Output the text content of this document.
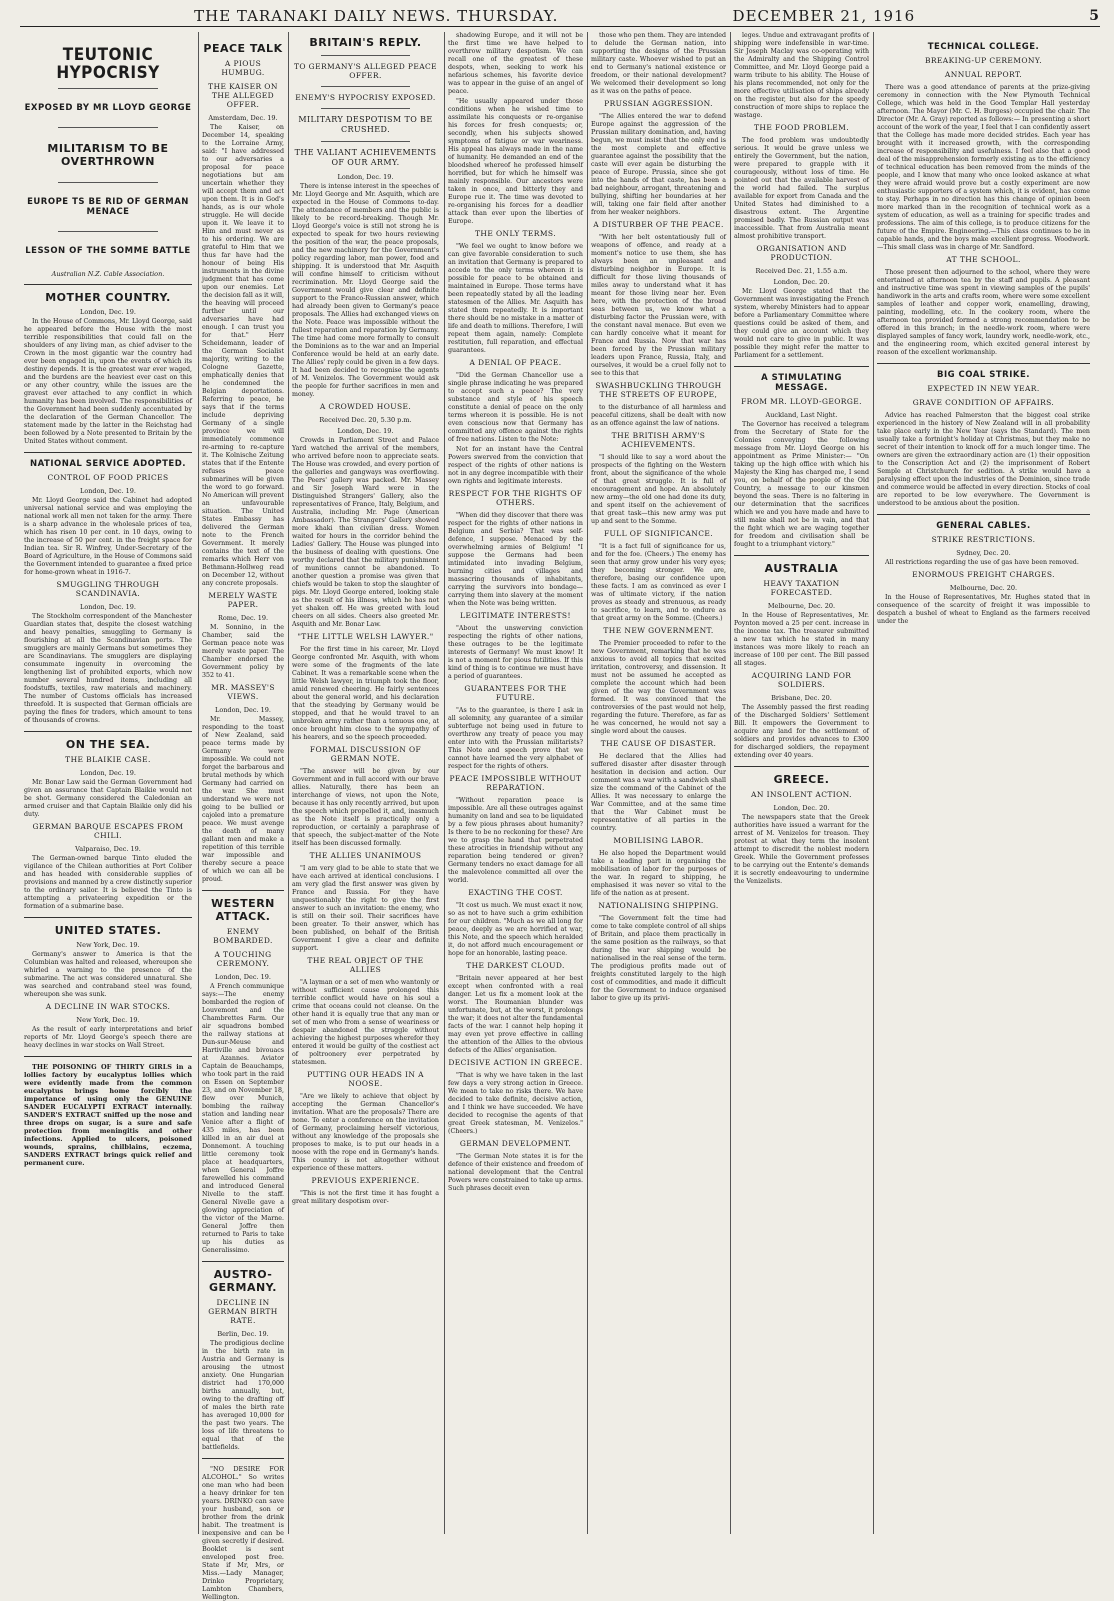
THE TARANAKI DAILY NEWS. THURSDAY.	DECEMBER 21, 1916	5
TEUTONIC HYPOCRISY
EXPOSED BY MR LLOYD GEORGE
MILITARISM TO BE OVERTHROWN
EUROPE TS BE RID OF GERMAN MENACE
LESSON OF THE SOMME BATTLE
Australian N.Z. Cable Association.
MOTHER COUNTRY.
London, Dec. 19.

In the House of Commons, Mr. Lloyd George, said he appeared before the House with the most terrible responsibilities that could fall on the shoulders of any living man, as chief adviser to the Crown in the most gigantic war the country had ever been engaged in, upon the events of which its destiny depends. It is the greatest war ever waged, and the burdens are the heaviest ever cast on this or any other country, while the issues are the gravest ever attached to any conflict in which humanity has been involved. The responsibilities of the Government had been suddenly accentuated by the declaration of the German Chancellor. The statement made by the latter in the Reichstag had been followed by a Note presented to Britain by the United States without comment.

NATIONAL SERVICE ADOPTED.
CONTROL OF FOOD PRICES
London, Dec. 19.

Mr. Lloyd George said the Cabinet had adopted universal national service and was employing the national work all men not taken for the army. There is a sharp advance in the wholesale prices of tea, which has risen 10 per cent. in 10 days, owing to the increase of 50 per cent. in the freight space for Indian tea. Sir R. Winfrey, Under-Secretary of the Board of Agriculture, in the House of Commons said the Government intended to guarantee a fixed price for home-grown wheat in 1916-7.

SMUGGLING THROUGH SCANDINAVIA.
London, Dec. 19.

The Stockholm correspondent of the Manchester Guardian states that, despite the closest watching and heavy penalties, smuggling to Germany is flourishing at all the Scandinavian ports. The smugglers are mainly Germans but sometimes they are Scandinavians. The smugglers are displaying consummate ingenuity in overcoming the lengthening list of prohibited exports, which now number several hundred items, including all foodstuffs, textiles, raw materials and machinery. The number of Customs officials has increased threefold. It is suspected that German officials are paying the fines for traders, which amount to tens of thousands of crowns.

ON THE SEA.
THE BLAIKIE CASE.
London, Dec. 19.

Mr. Bonar Law said the German Government had given an assurance that Captain Blaikie would not be shot. Germany considered the Caledonian an armed cruiser and that Captain Blaikie only did his duty.

GERMAN BARQUE ESCAPES FROM CHILI.
Valparaiso, Dec. 19.

The German-owned barque Tinto eluded the vigilance of the Chilean authorities at Port Coliber and has headed with considerable supplies of provisions and manned by a crew distinctly superior to the ordinary sailor. It is believed the Tinto is attempting a privateering expedition or the formation of a submarine base.

UNITED STATES.
New York, Dec. 19.

Germany's answer to America is that the Columbian was halted and released, whereupon she whirled a warning to the presence of the submarine. The act was considered unnatural. She was searched and contraband steel was found, whereupon she was sunk.

A DECLINE IN WAR STOCKS.
New York, Dec. 19.

As the result of early interpretations and brief reports of Mr. Lloyd George's speech there are heavy declines in war stocks on Wall Street.

THE POISONING OF THIRTY GIRLS in a lollies factory by eucalyptus lollies which were evidently made from the common eucalyptus brings home forcibly the importance of using only the GENUINE SANDER EUCALYPTI EXTRACT internally. SANDER'S EXTRACT sniffed up the nose and three drops on sugar, is a sure and safe protection from meningitis and other infections. Applied to ulcers, poisoned wounds, sprains, chilblains, eczema, SANDERS EXTRACT brings quick relief and permanent cure.

PEACE TALK
A PIOUS HUMBUG.
THE KAISER ON THE ALLEGED OFFER.
Amsterdam, Dec. 19.

The Kaiser, on December 14, speaking to the Lorraine Army, said: "I have addressed to our adversaries a proposal for peace negotiations but am uncertain whether they will accept them and act upon them. It is in God's hands, as is our whole struggle. He will decide upon it. We leave it to Him and must never as to his ordering. We are grateful to Him that we thus far have had the honour of being His instruments in the divine judgment that has come upon our enemies. Let the decision fall as it will, the heaving will proceed further until our adversaries have had enough. I can trust you for that." Herr Scheidemann, leader of the German Socialist majority, writing to the Cologne Gazette, emphatically denies that he condemned the Belgian deportations. Referring to peace, he says that if the terms include depriving Germany of a single province we will immediately commence re-arming to re-capture it. The Kolnische Zeitung states that if the Entente refuses peace submarines will be given the word to go forward. No American will prevent an unfavourable situation. The United States Embassy has delivered the German note to the French Government. It merely contains the text of the remarks which Herr von Bethmann-Hollweg read on December 12, without any concrete proposals.

MERELY WASTE PAPER.
Rome, Dec. 19.

M. Sonnino, in the Chamber, said the German peace note was merely waste paper. The Chamber endorsed the Government policy by 352 to 41.

MR. MASSEY'S VIEWS.
London, Dec. 19.

Mr. Massey, responding to the toast of New Zealand, said peace terms made by Germany were impossible. We could not forget the barbarous and brutal methods by which Germany had carried on the war. She must understand we were not going to be bullied or cajoled into a premature peace. We must avenge the death of many gallant men and make a repetition of this terrible war impossible and thereby secure a peace of which we can all be proud.

WESTERN ATTACK.
ENEMY BOMBARDED.
A TOUCHING CEREMONY.
London, Dec. 19.

A French communique says:—The enemy bombarded the region of Louvemont and the Chambrettes Farm. Our air squadrons bombed the railway stations at Dun-sur-Meuse and Hartiville and bivouacs at Azannes. Aviator Captain de Beauchamps, who took part in the raid on Essen on September 23, and on November 18, flew over Munich, bombing the railway station and landing near Venice after a flight of 435 miles, has been killed in an air duel at Donnemont. A touching little ceremony took place at headquarters, when General Joffre farewelled his command and introduced General Nivelle to the staff. General Nivelle gave a glowing appreciation of the victor of the Marne. General Joffre then returned to Paris to take up his duties as Generalissimo.

AUSTRO-GERMANY.
DECLINE IN GERMAN BIRTH RATE.
Berlin, Dec. 19.

The prodigious decline in the birth rate in Austria and Germany is arousing the utmost anxiety. One Hungarian district had 170,000 births annually, but, owing to the drafting off of males the birth rate has averaged 10,000 for the past two years. The loss of life threatens to equal that of the battlefields.

"NO DESIRE FOR ALCOHOL." So writes one man who had been a heavy drinker for ten years. DRINKO can save your husband, son or brother from the drink habit. The treatment is inexpensive and can be given secretly if desired. Booklet is sent enveloped post free. State if Mr, Mrs, or Miss.—Lady Manager, Drinko Proprietary, Lambton Chambers, Wellington.

BRITAIN'S REPLY.
TO GERMANY'S ALLEGED PEACE OFFER.
ENEMY'S HYPOCRISY EXPOSED.
MILITARY DESPOTISM TO BE CRUSHED.
THE VALIANT ACHIEVEMENTS OF OUR ARMY.
London, Dec. 19.

There is intense interest in the speeches of Mr. Lloyd George and Mr. Asquith, which are expected in the House of Commons to-day. The attendance of members and the public is likely to be record-breaking. Though Mr. Lloyd George's voice is still not strong he is expected to speak for two hours reviewing the position of the war, the peace proposals, and the new machinery for the Government's policy regarding labor, man power, food and shipping. It is understood that Mr. Asquith will confine himself to criticism without recrimination. Mr. Lloyd George said the Government would give clear and definite support to the Franco-Russian answer, which had already been given to Germany's peace proposals. The Allies had exchanged views on the Note. Peace was impossible without the fullest reparation and reparation by Germany. The time had come more formally to consult the Dominions as to the war and an Imperial Conference would be held at an early date. The Allies' reply could be given in a few days. It had been decided to recognise the agents of M. Venizelos. The Government would ask the people for further sacrifices in men and money.

A CROWDED HOUSE.
Received Dec. 20, 5.30 p.m.
London, Dec. 19.

Crowds in Parliament Street and Palace Yard watched the arrival of the members, who arrived before noon to appreciate seats. The House was crowded, and every portion of the galleries and gangways was overflowing. The Peers' gallery was packed. Mr. Massey and Sir Joseph Ward were in the Distinguished Strangers' Gallery, also the representatives of France, Italy, Belgium, and Australia, including Mr. Page (American Ambassador). The Strangers' Gallery showed more khaki than civilian dress. Women waited for hours in the corridor behind the Ladies' Gallery. The House was plunged into the business of dealing with questions. One worthy declared that the military punishment of munitions cannot be abandoned. To another question a promise was given that chiefs would be taken to stop the slaughter of pigs. Mr. Lloyd George entered, looking stale as the result of his illness, which he has not yet shaken off. He was greeted with loud cheers on all sides. Cheers also greeted Mr. Asquith and Mr. Bonar Law.

"THE LITTLE WELSH LAWYER."

For the first time in his career, Mr. Lloyd George confronted Mr. Asquith, with whom were some of the fragments of the late Cabinet. It was a remarkable scene when the little Welsh lawyer, in triumph took the floor, amid renewed cheering. He fairly sentences about the general world, and his declaration that the steadying by Germany would be stopped, and that he would travel to an unbroken army rather than a tenuous one, at once brought him close to the sympathy of his hearers, and so the speech proceeded.

FORMAL DISCUSSION OF GERMAN NOTE.

"The answer will be given by our Government and in full accord with our brave allies. Naturally, there has been an interchange of views, not upon the Note, because it has only recently arrived, but upon the speech which propelled it, and, inasmuch as the Note itself is practically only a reproduction, or certainly a paraphrase of that speech, the subject-matter of the Note itself has been discussed formally.

THE ALLIES UNANIMOUS

"I am very glad to be able to state that we have each arrived at identical conclusions. I am very glad the first answer was given by France and Russia. For they have unquestionably the right to give the first answer to such an invitation: the enemy, who is still on their soil. Their sacrifices have been greater. To their answer, which has been published, on behalf of the British Government I give a clear and definite support.

THE REAL OBJECT OF THE ALLIES

"A layman or a set of men who wantonly or without sufficient cause prolonged this terrible conflict would have on his soul a crime that oceans could not cleanse. On the other hand it is equally true that any man or set of men who from a sense of weariness or despair abandoned the struggle without achieving the highest purposes wherefor they entered it would be guilty of the costliest act of poltroonery ever perpetrated by statesmen.

PUTTING OUR HEADS IN A NOOSE.

"Are we likely to achieve that object by accepting the German Chancellor's invitation. What are the proposals? There are none. To enter a conference on the invitation of Germany, proclaiming herself victorious, without any knowledge of the proposals she proposes to make, is to put our heads in a noose with the rope end in Germany's hands. This country is not altogether without experience of these matters.

PREVIOUS EXPERIENCE.

"This is not the first time it has fought a great military despotism over-

shadowing Europe, and it will not be the first time we have helped to overthrow military despotism. We can recall one of the greatest of these despots, when, seeking to work his nefarious schemes, his favorite device was to appear in the guise of an angel of peace.

"He usually appeared under those conditions when he wished time to assimilate his conquests or re-organise his forces for fresh conquests; or, secondly, when his subjects showed symptoms of fatigue or war weariness. His appeal has always made in the name of humanity. He demanded an end of the bloodshed whereof he professed himself horrified, but for which he himself was mainly responsible. Our ancestors were taken in once, and bitterly they and Europe rue it. The time was devoted to re-organising his forces for a deadlier attack than ever upon the liberties of Europe.

THE ONLY TERMS.

"We feel we ought to know before we can give favorable consideration to such an invitation that Germany is prepared to accede to the only terms whereon it is possible for peace to be obtained and maintained in Europe. Those terms have been repeatedly stated by all the leading statesmen of the Allies. Mr. Asquith has stated them repeatedly. It is important there should be no mistake in a matter of life and death to millions. Therefore, I will repeat them again, namely: Complete restitution, full reparation, and effectual guarantees.

A DENIAL OF PEACE.

"Did the German Chancellor use a single phrase indicating he was prepared to accept such a peace? The very substance and style of his speech constitute a denial of peace on the only terms whereon it is possible. He is not even conscious now that Germany has committed any offence against the rights of free nations. Listen to the Note:

Not for an instant have the Central Powers swerved from the conviction that respect of the rights of other nations is not in any degree incompatible with their own rights and legitimate interests.

RESPECT FOR THE RIGHTS OF OTHERS.

"When did they discover that there was respect for the rights of other nations in Belgium and Serbia? That was self-defence, I suppose. Menaced by the overwhelming armies of Belgium! "I suppose the Germans had been intimidated into invading Belgium, burning cities and villages and massacring thousands of inhabitants, carrying the survivors into bondage—carrying them into slavery at the moment when the Note was being written.

LEGITIMATE INTERESTS!

"About the unswerving conviction respecting the rights of other nations, these outrages to be the legitimate interests of Germany! We must know! It is not a moment for pious futilities. If this kind of thing is to continue we must have a period of guarantees.

GUARANTEES FOR THE FUTURE.

"As to the guarantee, is there I ask in all solemnity, any guarantee of a similar subterfuge not being used in future to overthrow any treaty of peace you may enter into with the Prussian militarists? This Note and speech prove that we cannot have learned the very alphabet of respect for the rights of others.

PEACE IMPOSSIBLE WITHOUT REPARATION.

"Without reparation peace is impossible. Are all these outrages against humanity on land and sea to be liquidated by a few pious phrases about humanity? Is there to be no reckoning for these? Are we to grasp the hand that perpetrated these atrocities in friendship without any reparation being tendered or given? Germany tenders no exact damage for all the malevolence committed all over the world.

EXACTING THE COST.

"It cost us much. We must exact it now, so as not to have such a grim exhibition for our children. "Much as we all long for peace, deeply as we are horrified at war, this Note, and the speech which heralded it, do not afford much encouragement or hope for an honorable, lasting peace.

THE DARKEST CLOUD.

"Britain never appeared at her best except when confronted with a real danger. Let us fix a moment look at the worst. The Roumanian blunder was unfortunate, but, at the worst, it prolongs the war; it does not alter the fundamental facts of the war. I cannot help hoping it may even yet prove effective in calling the attention of the Allies to the obvious defects of the Allies' organisation.

DECISIVE ACTION IN GREECE.

"That is why we have taken in the last few days a very strong action in Greece. We mean to take no risks there. We have decided to take definite, decisive action, and I think we have succeeded. We have decided to recognise the agents of that great Greek statesman, M. Venizelos." (Cheers.)

GERMAN DEVELOPMENT.

"The German Note states it is for the defence of their existence and freedom of national development that the Central Powers were constrained to take up arms. Such phrases deceit even

those who pen them. They are intended to delude the German nation, into supporting the designs of the Prussian military caste. Whoever wished to put an end to Germany's national existence or freedom, or their national development? We welcomed their development so long as it was on the paths of peace.

PRUSSIAN AGGRESSION.

"The Allies entered the war to defend Europe against the aggression of the Prussian military domination, and, having begun, we must insist that the only end is the most complete and effective guarantee against the possibility that the caste will ever again be disturbing the peace of Europe. Prussia, since she got into the hands of that caste, has been a bad neighbour, arrogant, threatening and bullying, shifting her boundaries at her will, taking one fair field after another from her weaker neighbors.

A DISTURBER OF THE PEACE.

"With her belt ostentatiously full of weapons of offence, and ready at a moment's notice to use them, she has always been an unpleasant and disturbing neighbor in Europe. It is difficult for those living thousands of miles away to understand what it has meant for those living near her. Even here, with the protection of the broad seas between us, we know what a disturbing factor the Prussian were, with the constant naval menace. But even we can hardly conceive what it meant for France and Russia. Now that war has been forced by the Prussian military leaders upon France, Russia, Italy, and ourselves, it would be a cruel folly not to see to this that

SWASHBUCKLING THROUGH THE STREETS OF EUROPE,

to the disturbance of all harmless and peaceful citizens, shall be dealt with now as an offence against the law of nations.

THE BRITISH ARMY'S ACHIEVEMENTS.

"I should like to say a word about the prospects of the fighting on the Western front, about the significance of the whole of that great struggle. It is full of encouragement and hope. An absolutely new army—the old one had done its duty, and spent itself on the achievement of that great task—this new army was put up and sent to the Somme.

FULL OF SIGNIFICANCE.

"It is a fact full of significance for us, and for the foe. (Cheers.) The enemy has seen that army grow under his very eyes; they becoming stronger. We are, therefore, basing our confidence upon these facts. I am as convinced as ever I was of ultimate victory, if the nation proves as steady and strenuous, as ready to sacrifice, to learn, and to endure as that great army on the Somme. (Cheers.)

THE NEW GOVERNMENT.

The Premier proceeded to refer to the new Government, remarking that he was anxious to avoid all topics that excited irritation, controversy, and dissension. It must not be assumed he accepted as complete the account which had been given of the way the Government was formed. It was convinced that the controversies of the past would not help, regarding the future. Therefore, as far as he was concerned, he would not say a single word about the causes.

THE CAUSE OF DISASTER.

He declared that the Allies had suffered disaster after disaster through hesitation in decision and action. Our comment was a war with a sandwich shall size the command of the Cabinet of the Allies. It was necessary to enlarge the War Committee, and at the same time that the War Cabinet must be representative of all parties in the country.

MOBILISING LABOR.

He also hoped the Department would take a leading part in organising the mobilisation of labor for the purposes of the war. In regard to shipping, he emphasised it was never so vital to the life of the nation as at present.

NATIONALISING SHIPPING.

"The Government felt the time had come to take complete control of all ships of Britain, and place them practically in the same position as the railways, so that during the war shipping would be nationalised in the real sense of the term. The prodigious profits made out of freights constituted largely to the high cost of commodities, and made it difficult for the Government to induce organised labor to give up its privi-

leges. Undue and extravagant profits of shipping were indefensible in war-time. Sir Joseph Maclay was co-operating with the Admiralty and the Shipping Control Committee, and Mr. Lloyd George paid a warm tribute to his ability. The House of his plans recommended, not only for the more effective utilisation of ships already on the register, but also for the speedy construction of more ships to replace the wastage.

THE FOOD PROBLEM.

The food problem was undoubtedly serious. It would be grave unless we entirely the Government, but the nation, were prepared to grapple with it courageously, without loss of time. He pointed out that the available harvest of the world had failed. The surplus available for export from Canada and the United States had diminished to a disastrous extent. The Argentine promised badly. The Russian output was inaccessible. That from Australia meant almost prohibitive transport.

ORGANISATION AND PRODUCTION.
Received Dec. 21, 1.55 a.m.
London, Dec. 20.

Mr. Lloyd George stated that the Government was investigating the French system, whereby Ministers had to appear before a Parliamentary Committee where questions could be asked of them, and they could give an account which they would not care to give in public. It was possible they might refer the matter to Parliament for a settlement.

A STIMULATING MESSAGE.
FROM MR. LLOYD-GEORGE.
Auckland, Last Night.

The Governor has received a telegram from the Secretary of State for the Colonies conveying the following message from Mr. Lloyd George on his appointment as Prime Minister:— "On taking up the high office with which his Majesty the King has charged me, I send you, on behalf of the people of the Old Country, a message to our kinsmen beyond the seas. There is no faltering in our determination that the sacrifices which we and you have made and have to still make shall not be in vain, and that the fight which we are waging together for freedom and civilisation shall be fought to a triumphant victory."

AUSTRALIA
HEAVY TAXATION FORECASTED.
Melbourne, Dec. 20.

In the House of Representatives, Mr. Poynton moved a 25 per cent. increase in the income tax. The treasurer submitted a new tax which he stated in many instances was more likely to reach an increase of 100 per cent. The Bill passed all stages.

ACQUIRING LAND FOR SOLDIERS.
Brisbane, Dec. 20.

The Assembly passed the first reading of the Discharged Soldiers' Settlement Bill. It empowers the Government to acquire any land for the settlement of soldiers and provides advances to £300 for discharged soldiers, the repayment extending over 40 years.

GREECE.
AN INSOLENT ACTION.
London, Dec. 20.

The newspapers state that the Greek authorities have issued a warrant for the arrest of M. Venizelos for treason. They protest at what they term the insolent attempt to discredit the noblest modern Greek. While the Government professes to be carrying out the Entente's demands it is secretly endeavouring to undermine the Venizelists.

TECHNICAL COLLEGE.
BREAKING-UP CEREMONY.
ANNUAL REPORT.

There was a good attendance of parents at the prize-giving ceremony in connection with the New Plymouth Technical College, which was held in the Good Templar Hall yesterday afternoon. The Mayor (Mr. C. H. Burgess) occupied the chair. The Director (Mr. A. Gray) reported as follows:— In presenting a short account of the work of the year, I feel that I can confidently assert that the College has made more decided strides. Each year has brought with it increased growth, with the corresponding increase of responsibility and usefulness. I feel also that a good deal of the misapprehension formerly existing as to the efficiency of technical education has been removed from the minds of the people, and I know that many who once looked askance at what they were afraid would prove but a costly experiment are now enthusiastic supporters of a system which, it is evident, has come to stay. Perhaps in no direction has this change of opinion been more marked than in the recognition of technical work as a system of education, as well as a training for specific trades and professions. The aim of this college, is to produce citizens for the future of the Empire. Engineering.—This class continues to be in capable hands, and the boys make excellent progress. Woodwork.—This small class was in charge of Mr. Sandford.

AT THE SCHOOL.

Those present then adjourned to the school, where they were entertained at afternoon tea by the staff and pupils. A pleasant and instructive time was spent in viewing samples of the pupils' handiwork in the arts and crafts room, where were some excellent samples of leather and copper work, enamelling, drawing, painting, modelling, etc. In the cookery room, where the afternoon tea provided formed a strong recommendation to be offered in this branch; in the needle-work room, where were displayed samples of fancy work, laundry work, needle-work, etc., and the engineering room, which excited general interest by reason of the excellent workmanship.

BIG COAL STRIKE.
EXPECTED IN NEW YEAR.
GRAVE CONDITION OF AFFAIRS.

Advice has reached Palmerston that the biggest coal strike experienced in the history of New Zealand will in all probability take place early in the New Year (says the Standard). The men usually take a fortnight's holiday at Christmas, but they make no secret of their intention to knock off for a much longer time. The owners are given the extraordinary action are (1) their opposition to the Conscription Act and (2) the imprisonment of Robert Semple at Christchurch for sedition. A strike would have a paralysing effect upon the industries of the Dominion, since trade and commerce would be affected in every direction. Stocks of coal are reported to be low everywhere. The Government is understood to be anxious about the position.

GENERAL CABLES.
STRIKE RESTRICTIONS.
Sydney, Dec. 20.

All restrictions regarding the use of gas have been removed.

ENORMOUS FREIGHT CHARGES.
Melbourne, Dec. 20.

In the House of Representatives, Mr. Hughes stated that in consequence of the scarcity of freight it was impossible to despatch a bushel of wheat to England as the farmers received under the
